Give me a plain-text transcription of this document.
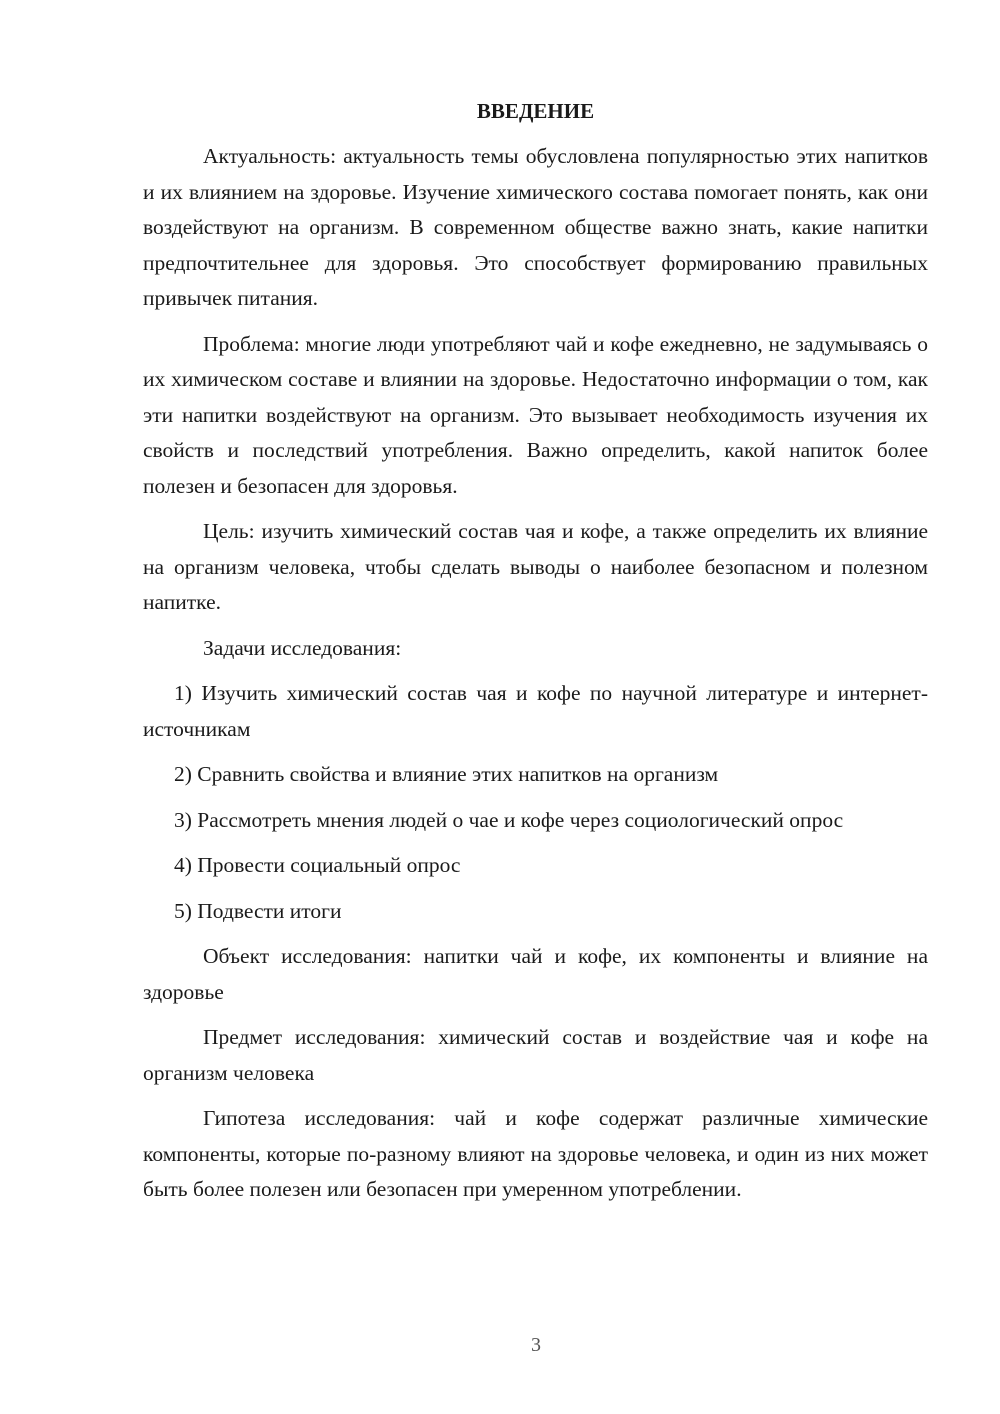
ВВЕДЕНИЕ

Актуальность: актуальность темы обусловлена популярностью этих напитков и их влиянием на здоровье. Изучение химического состава помогает понять, как они воздействуют на организм. В современном обществе важно знать, какие напитки предпочтительнее для здоровья. Это способствует формированию правильных привычек питания.

Проблема: многие люди употребляют чай и кофе ежедневно, не задумываясь о их химическом составе и влиянии на здоровье. Недостаточно информации о том, как эти напитки воздействуют на организм. Это вызывает необходимость изучения их свойств и последствий употребления. Важно определить, какой напиток более полезен и безопасен для здоровья.

Цель: изучить химический состав чая и кофе, а также определить их влияние на организм человека, чтобы сделать выводы о наиболее безопасном и полезном напитке.

Задачи исследования:

1) Изучить химический состав чая и кофе по научной литературе и интернет-источникам

2) Сравнить свойства и влияние этих напитков на организм

3) Рассмотреть мнения людей о чае и кофе через социологический опрос

4) Провести социальный опрос

5) Подвести итоги

Объект исследования: напитки чай и кофе, их компоненты и влияние на здоровье

Предмет исследования: химический состав и воздействие чая и кофе на организм человека

Гипотеза исследования: чай и кофе содержат различные химические компоненты, которые по-разному влияют на здоровье человека, и один из них может быть более полезен или безопасен при умеренном употреблении.

3
